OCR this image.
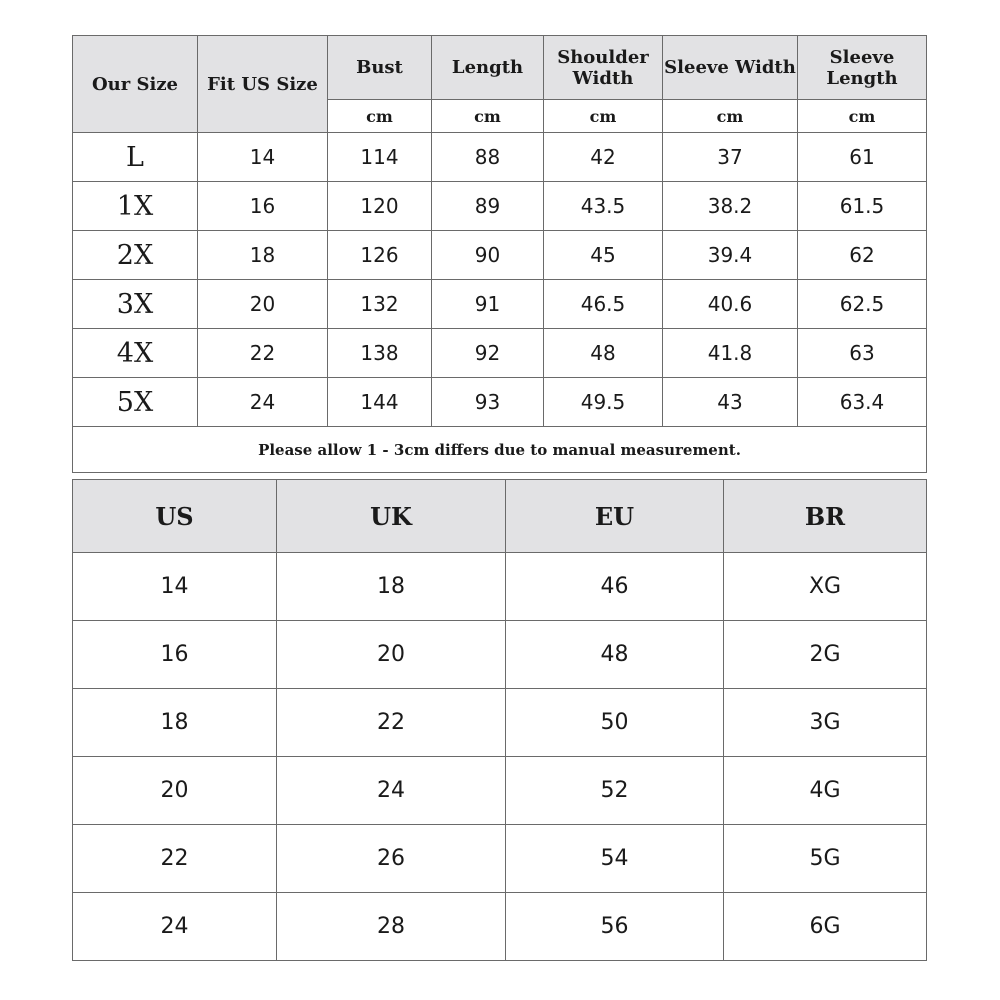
Our Size	Fit US Size	Bust	Length	Shoulder Width	Sleeve Width	Sleeve Length
		cm	cm	cm	cm	cm
L	14	114	88	42	37	61
1X	16	120	89	43.5	38.2	61.5
2X	18	126	90	45	39.4	62
3X	20	132	91	46.5	40.6	62.5
4X	22	138	92	48	41.8	63
5X	24	144	93	49.5	43	63.4
Please allow 1 - 3cm differs due to manual measurement.						
US	UK	EU	BR
14	18	46	XG
16	20	48	2G
18	22	50	3G
20	24	52	4G
22	26	54	5G
24	28	56	6G
